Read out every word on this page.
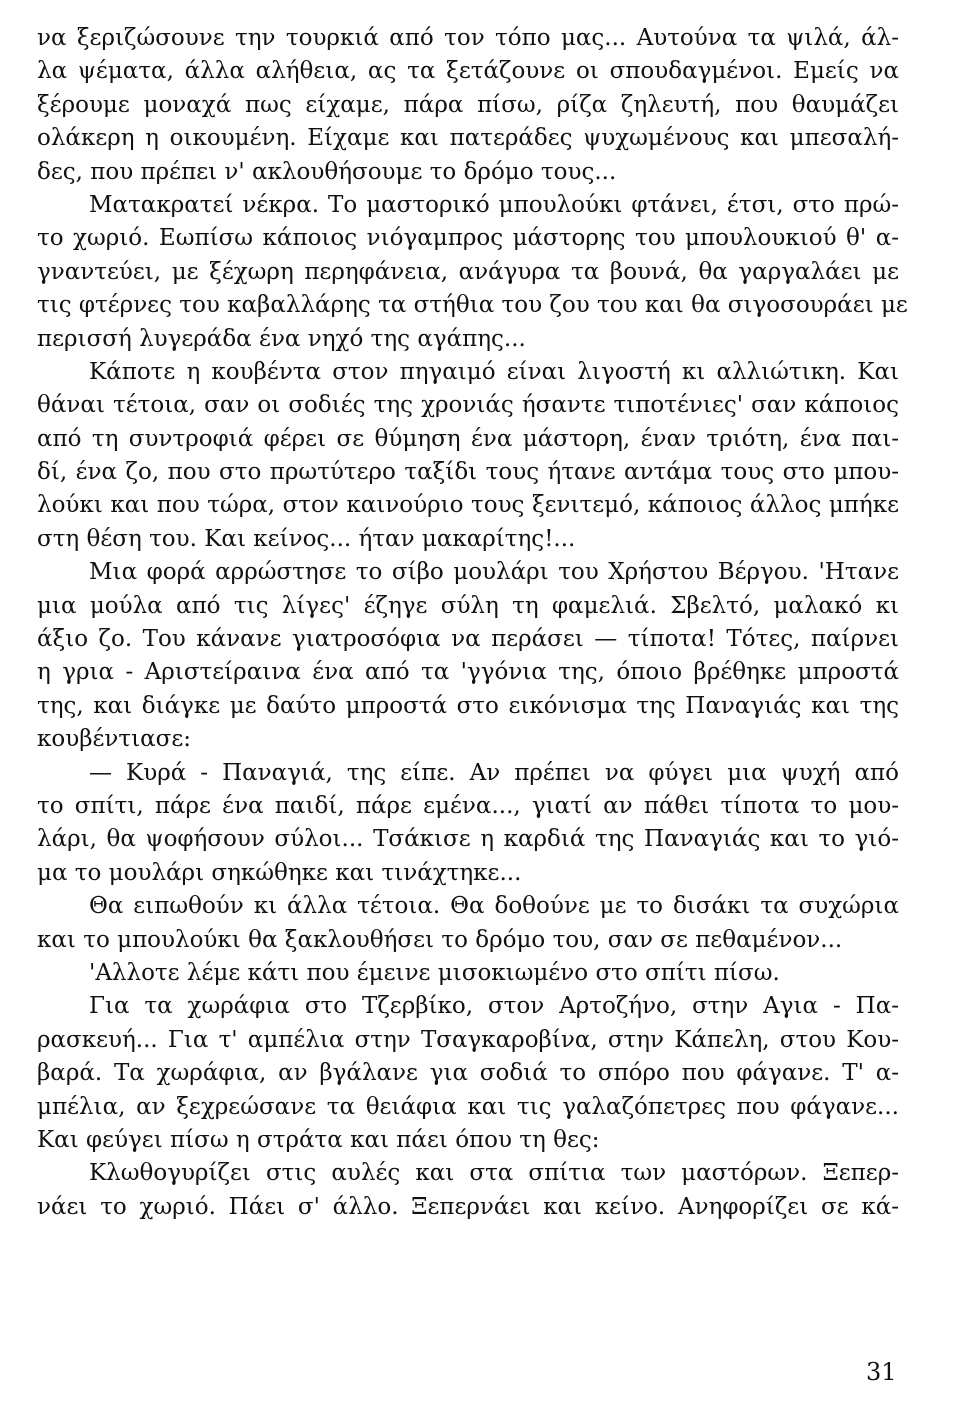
να ξεριζώσουνε την τουρκιά από τον τόπο μας... Αυτούνα τα ψιλά, άλ-
λα ψέματα, άλλα αλήθεια, ας τα ξετάζουνε οι σπουδαγμένοι. Εμείς να
ξέρουμε μοναχά πως είχαμε, πάρα πίσω, ρίζα ζηλευτή, που θαυμάζει
ολάκερη η οικουμένη. Είχαμε και πατεράδες ψυχωμένους και μπεσαλή-
δες, που πρέπει ν' ακλουθήσουμε το δρόμο τους...
Ματακρατεί νέκρα. Το μαστορικό μπουλούκι φτάνει, έτσι, στο πρώ-
το χωριό. Εωπίσω κάποιος νιόγαμπρος μάστορης του μπουλουκιού θ' α-
γναντεύει, με ξέχωρη περηφάνεια, ανάγυρα τα βουνά, θα γαργαλάει με
τις φτέρνες του καβαλλάρης τα στήθια του ζου του και θα σιγοσουράει με
περισσή λυγεράδα ένα νηχό της αγάπης...
Κάποτε η κουβέντα στον πηγαιμό είναι λιγοστή κι αλλιώτικη. Και
θάναι τέτοια, σαν οι σοδιές της χρονιάς ήσαντε τιποτένιες' σαν κάποιος
από τη συντροφιά φέρει σε θύμηση ένα μάστορη, έναν τριότη, ένα παι-
δί, ένα ζο, που στο πρωτύτερο ταξίδι τους ήτανε αντάμα τους στο μπου-
λούκι και που τώρα, στον καινούριο τους ξενιτεμό, κάποιος άλλος μπήκε
στη θέση του. Και κείνος... ήταν μακαρίτης!...
Μια φορά αρρώστησε το σίβο μουλάρι του Χρήστου Βέργου. 'Ητανε
μια μούλα από τις λίγες' έζηγε σύλη τη φαμελιά. Σβελτό, μαλακό κι
άξιο ζο. Του κάνανε γιατροσόφια να περάσει — τίποτα! Τότες, παίρνει
η γρια - Αριστείραινα ένα από τα 'γγόνια της, όποιο βρέθηκε μπροστά
της, και διάγκε με δαύτο μπροστά στο εικόνισμα της Παναγιάς και της
κουβέντιασε:
— Κυρά - Παναγιά, της είπε. Αν πρέπει να φύγει μια ψυχή από
το σπίτι, πάρε ένα παιδί, πάρε εμένα..., γιατί αν πάθει τίποτα το μου-
λάρι, θα ψοφήσουν σύλοι... Τσάκισε η καρδιά της Παναγιάς και το γιό-
μα το μουλάρι σηκώθηκε και τινάχτηκε...
Θα ειπωθούν κι άλλα τέτοια. Θα δοθούνε με το δισάκι τα συχώρια
και το μπουλούκι θα ξακλουθήσει το δρόμο του, σαν σε πεθαμένον...
'Αλλοτε λέμε κάτι που έμεινε μισοκιωμένο στο σπίτι πίσω.
Για τα χωράφια στο Τζερβίκο, στον Αρτοζήνο, στην Αγια - Πα-
ρασκευή... Για τ' αμπέλια στην Τσαγκαροβίνα, στην Κάπελη, στου Κου-
βαρά. Τα χωράφια, αν βγάλανε για σοδιά το σπόρο που φάγανε. Τ' α-
μπέλια, αν ξεχρεώσανε τα θειάφια και τις γαλαζόπετρες που φάγανε...
Και φεύγει πίσω η στράτα και πάει όπου τη θες:
Κλωθογυρίζει στις αυλές και στα σπίτια των μαστόρων. Ξεπερ-
νάει το χωριό. Πάει σ' άλλο. Ξεπερνάει και κείνο. Ανηφορίζει σε κά-
31
